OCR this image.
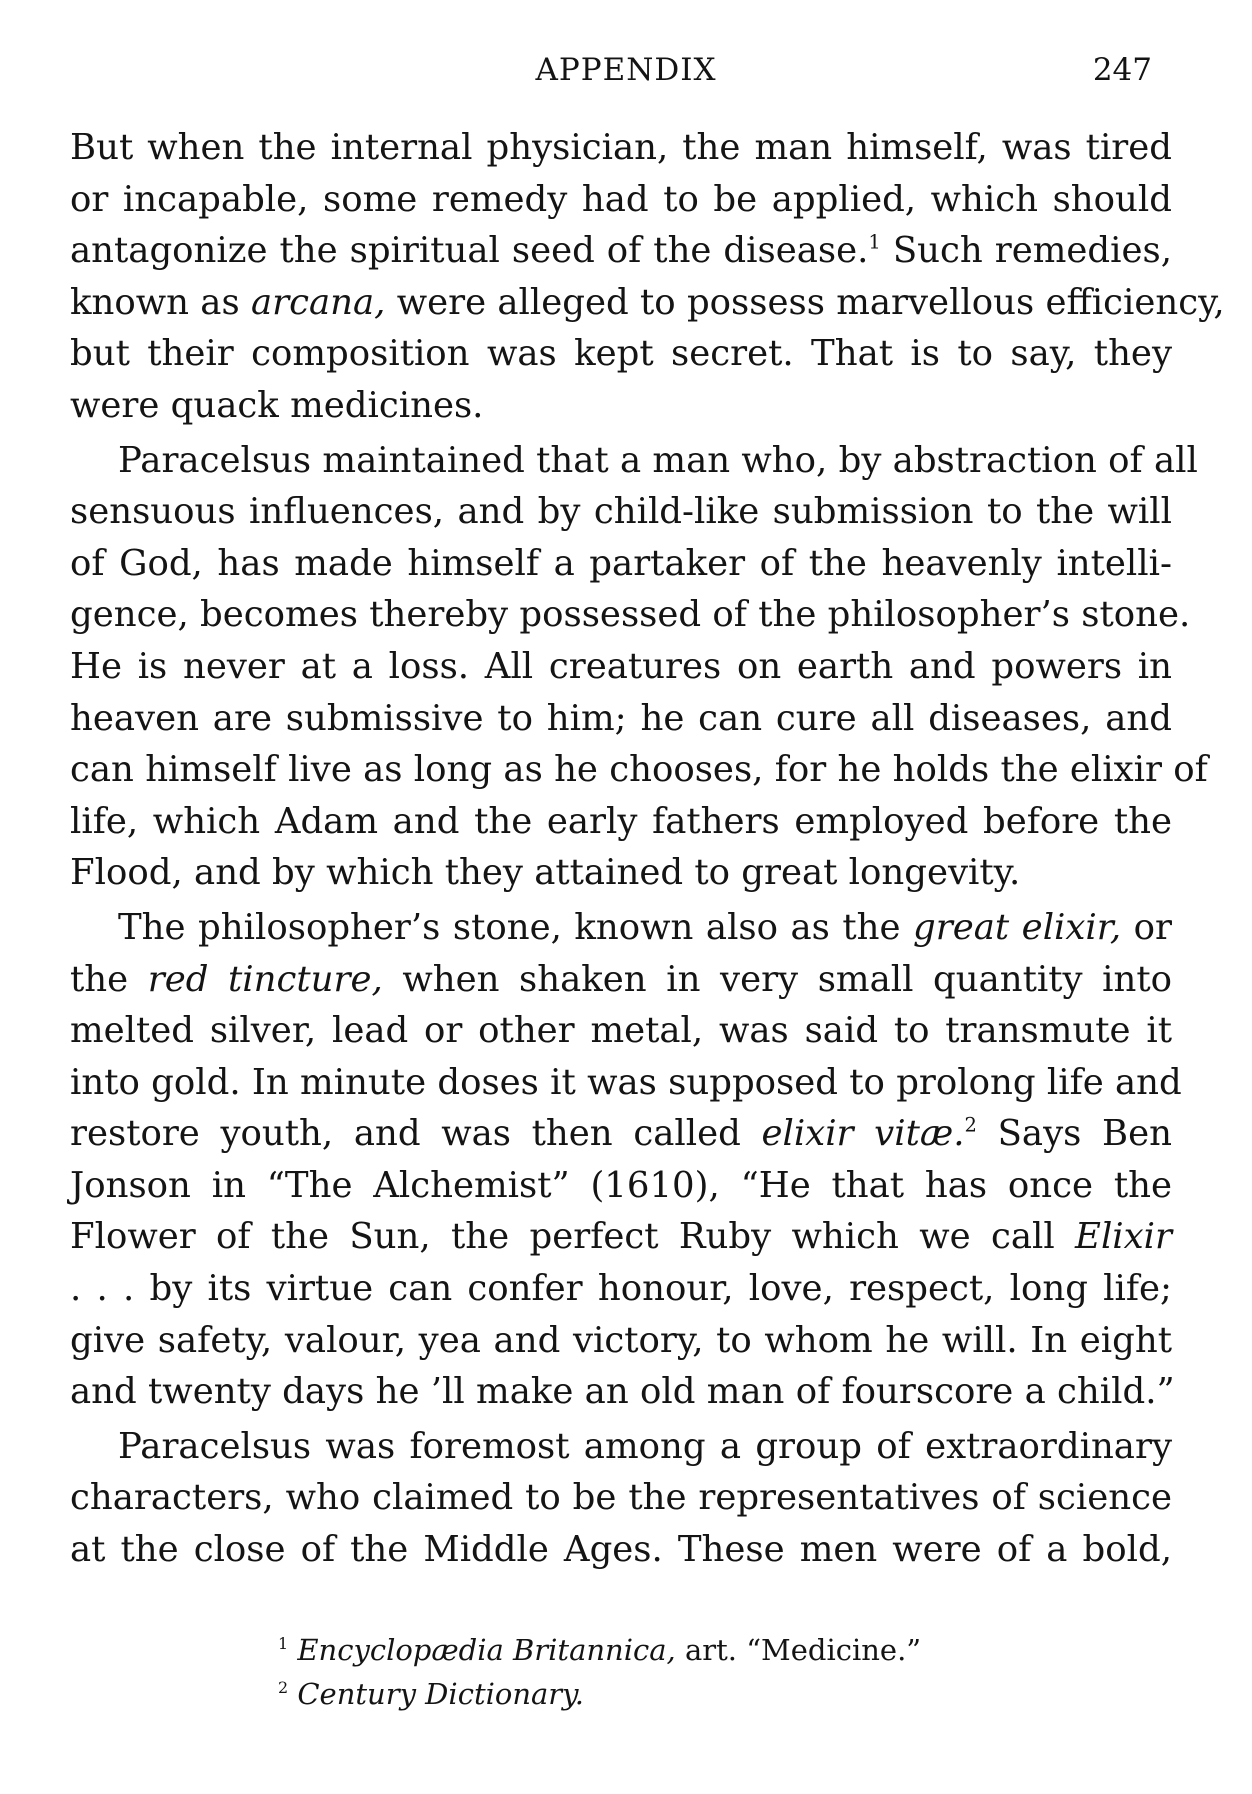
APPENDIX	247
But when the internal physician, the man himself, was tired
or incapable, some remedy had to be applied, which should
antagonize the spiritual seed of the disease.$^1$ Such remedies,
known as arcana, were alleged to possess marvellous efficiency,
but their composition was kept secret. That is to say, they
were quack medicines.
Paracelsus maintained that a man who, by abstraction of all
sensuous influences, and by child-like submission to the will
of God, has made himself a partaker of the heavenly intelli-
gence, becomes thereby possessed of the philosopher’s stone.
He is never at a loss. All creatures on earth and powers in
heaven are submissive to him; he can cure all diseases, and
can himself live as long as he chooses, for he holds the elixir of
life, which Adam and the early fathers employed before the
Flood, and by which they attained to great longevity.
The philosopher’s stone, known also as the great elixir, or
the red tincture, when shaken in very small quantity into
melted silver, lead or other metal, was said to transmute it
into gold. In minute doses it was supposed to prolong life and
restore youth, and was then called elixir vitæ.$^2$ Says Ben
Jonson in “The Alchemist” (1610), “He that has once the
Flower of the Sun, the perfect Ruby which we call Elixir
. . . by its virtue can confer honour, love, respect, long life;
give safety, valour, yea and victory, to whom he will. In eight
and twenty days he ’ll make an old man of fourscore a child.”
Paracelsus was foremost among a group of extraordinary
characters, who claimed to be the representatives of science
at the close of the Middle Ages. These men were of a bold,
$^1$ Encyclopædia Britannica, art. “Medicine.”
$^2$ Century Dictionary.
